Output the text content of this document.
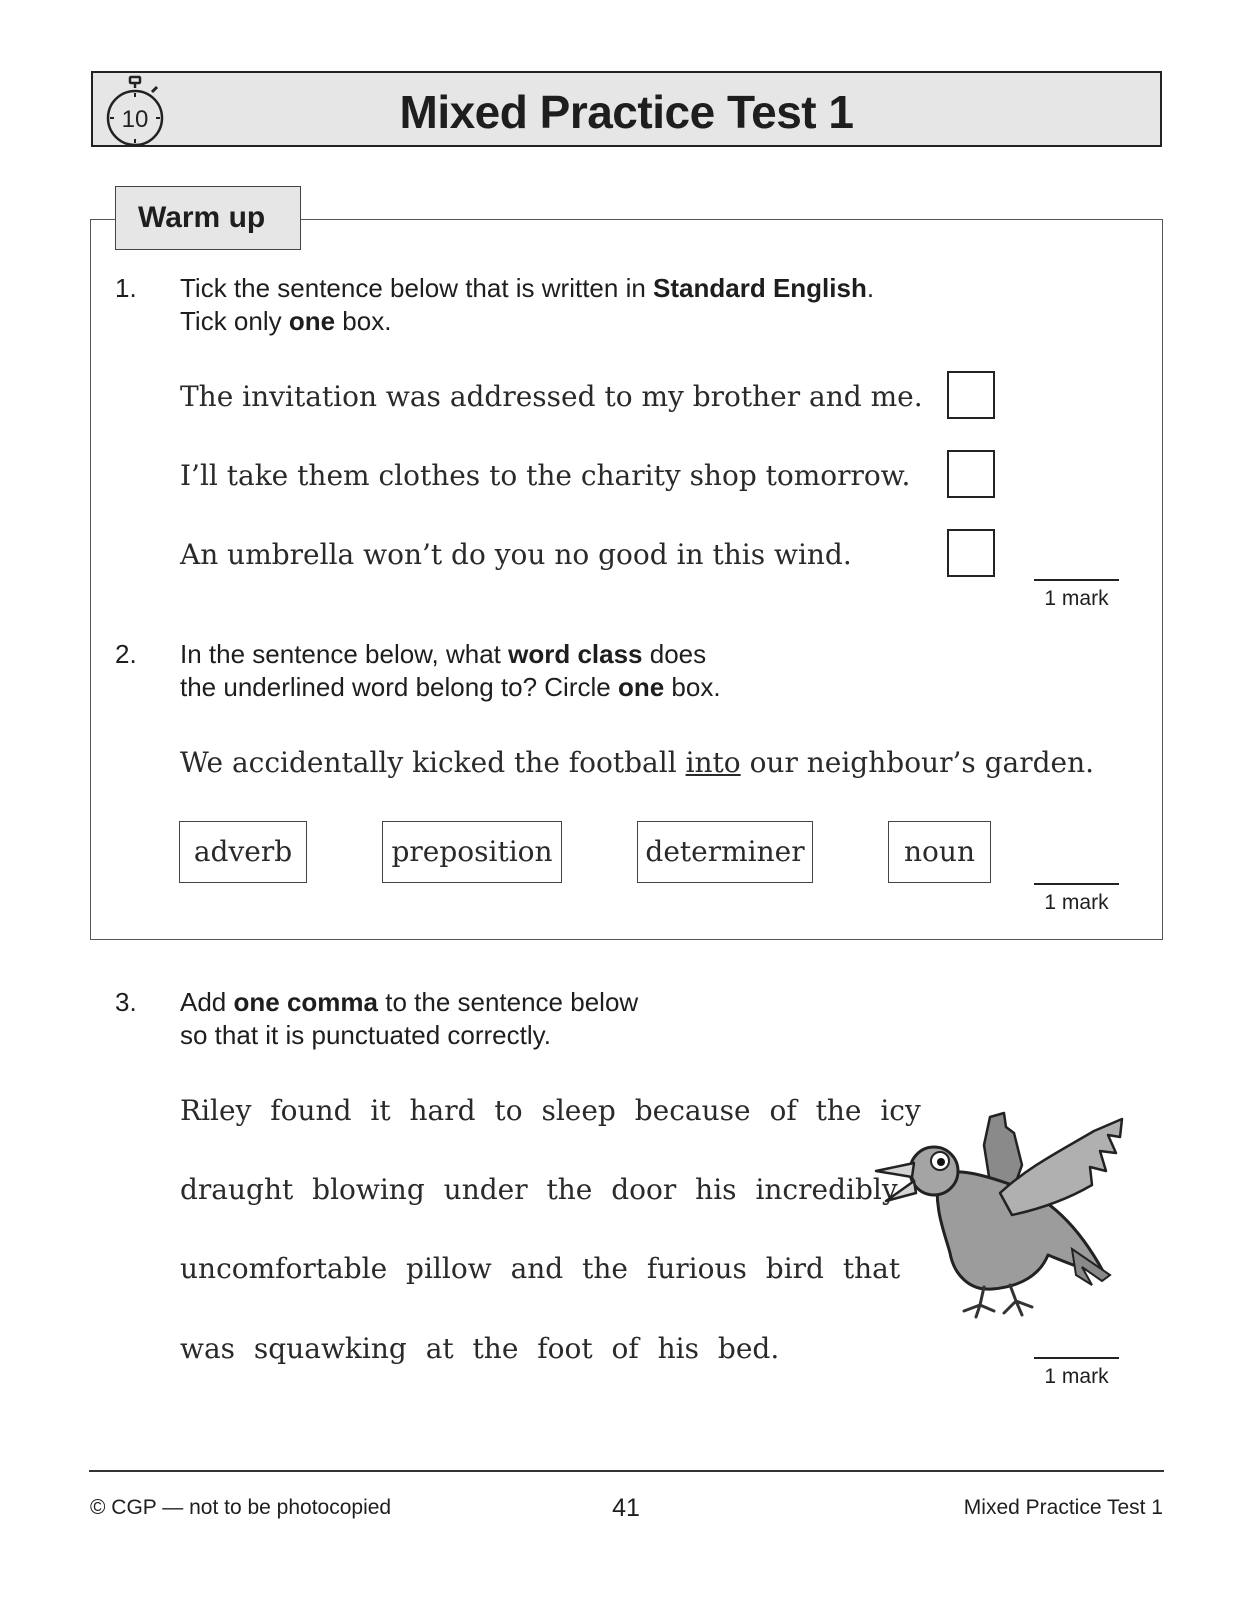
10	Mixed Practice Test 1
Warm up
1. Tick the sentence below that is written in Standard English.
Tick only one box.
The invitation was addressed to my brother and me.
I’ll take them clothes to the charity shop tomorrow.
An umbrella won’t do you no good in this wind.
1 mark
2. In the sentence below, what word class does
the underlined word belong to? Circle one box.
We accidentally kicked the football into our neighbour’s garden.
adverb	preposition	determiner	noun
1 mark
3. Add one comma to the sentence below
so that it is punctuated correctly.
Riley found it hard to sleep because of the icy
draught blowing under the door his incredibly
uncomfortable pillow and the furious bird that
was squawking at the foot of his bed.
1 mark
© CGP — not to be photocopied	41	Mixed Practice Test 1
